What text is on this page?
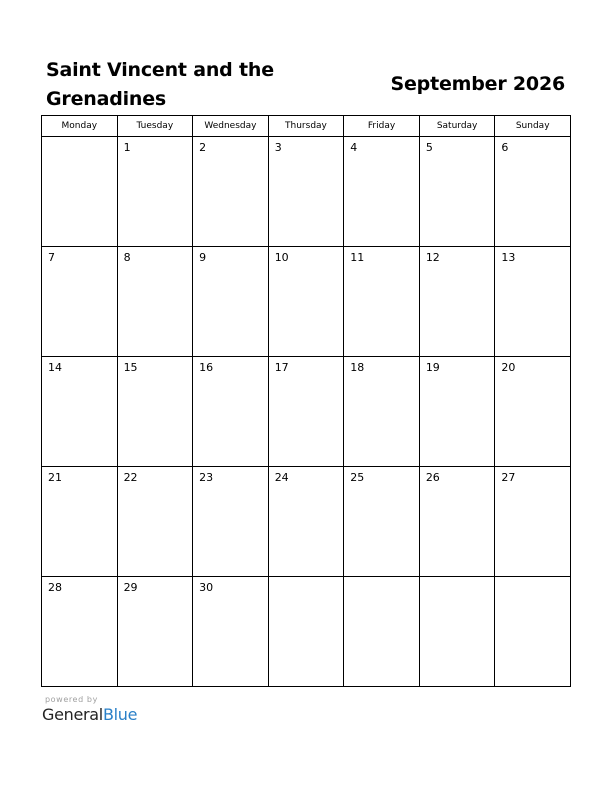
Saint Vincent and the Grenadines
September 2026
Monday	Tuesday	Wednesday	Thursday	Friday	Saturday	Sunday

	1	2	3	4	5	6

7	8	9	10	11	12	13

14	15	16	17	18	19	20

21	22	23	24	25	26	27

28	29	30				

powered by
GeneralBlue
